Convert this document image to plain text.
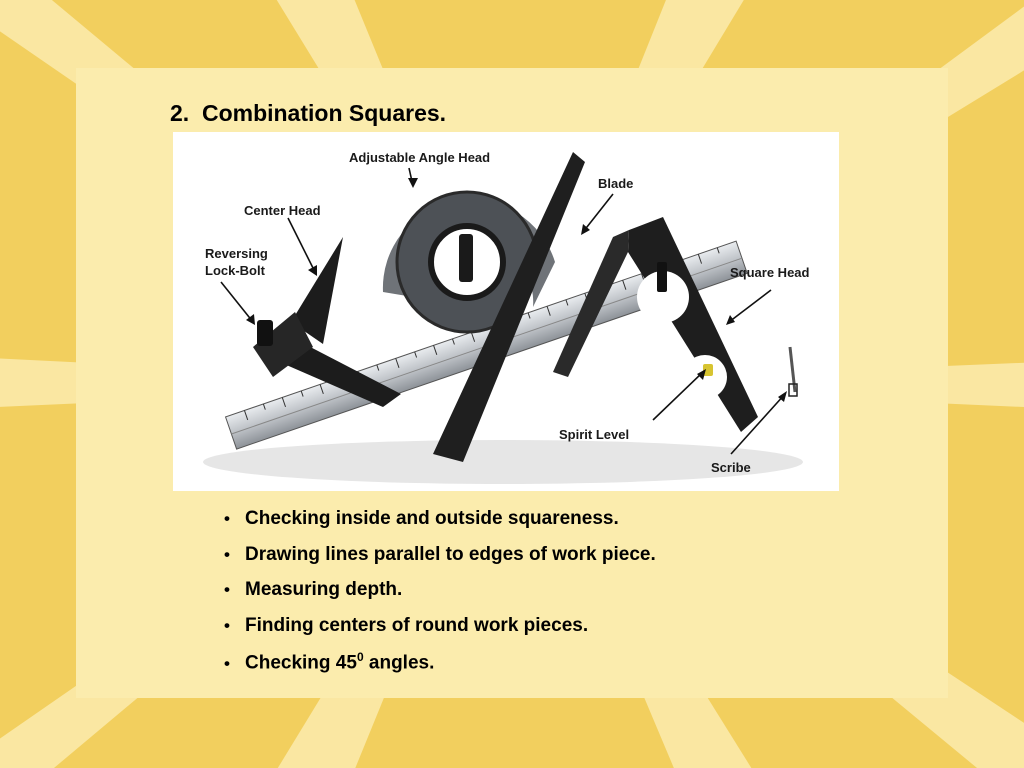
2.  Combination Squares.
Adjustable Angle Head
Blade
Center Head
Reversing
Lock-Bolt	Square Head
Spirit Level
Scribe
• Checking inside and outside squareness.
• Drawing lines parallel to edges of work piece.
• Measuring depth.
• Finding centers of round work pieces.
• Checking $45^0$ angles.
